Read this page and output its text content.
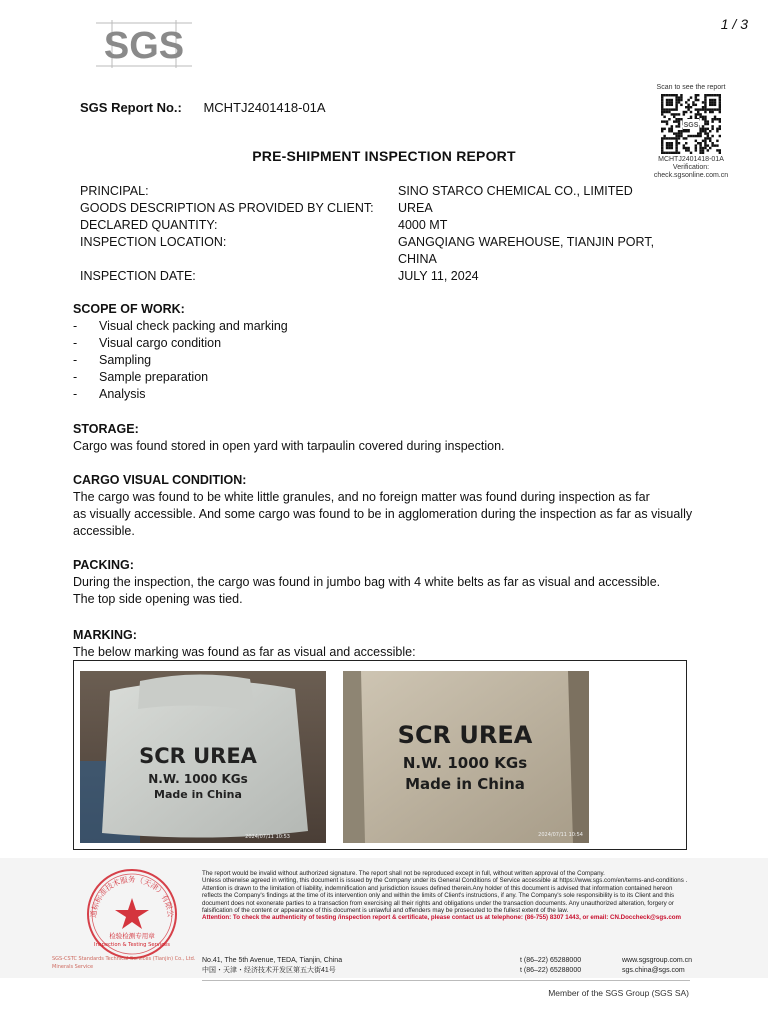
1 / 3
SGS
SGS Report No.: MCHTJ2401418-01A
Scan to see the report
SGS
MCHTJ2401418-01A
Verification:
check.sgsonline.com.cn
PRE-SHIPMENT INSPECTION REPORT
PRINCIPAL:	SINO STARCO CHEMICAL CO., LIMITED
GOODS DESCRIPTION AS PROVIDED BY CLIENT:	UREA
DECLARED QUANTITY:	4000 MT
INSPECTION LOCATION:	GANGQIANG WAREHOUSE, TIANJIN PORT, CHINA
INSPECTION DATE:	JULY 11, 2024
SCOPE OF WORK:
-	Visual check packing and marking
-	Visual cargo condition
-	Sampling
-	Sample preparation
-	Analysis
STORAGE:

Cargo was found stored in open yard with tarpaulin covered during inspection.

CARGO VISUAL CONDITION:

The cargo was found to be white little granules, and no foreign matter was found during inspection as far

as visually accessible. And some cargo was found to be in agglomeration during the inspection as far as visually

accessible.

PACKING:

During the inspection, the cargo was found in jumbo bag with 4 white belts as far as visual and accessible.

The top side opening was tied.

MARKING:

The below marking was found as far as visual and accessible:

SCR UREA
N.W. 1000 KGs
Made in China
2024/07/11 10:53
SCR UREA
N.W. 1000 KGs
Made in China
2024/07/11 10:54
通标标准技术服务（天津）有限公
检验检测专用章
Inspection & Testing Services
SGS-CSTC Standards Technical Services (Tianjin) Co., Ltd.
Minerals Service
The report would be invalid without authorized signature. The report shall not be reproduced except in full, without written approval of the Company.
Unless otherwise agreed in writing, this document is issued by the Company under its General Conditions of Service accessible at https://www.sgs.com/en/terms-and-conditions . Attention is drawn to the limitation of liability, indemnification and jurisdiction issues defined therein.Any holder of this document is advised that information contained hereon reflects the Company's findings at the time of its intervention only and within the limits of Client's instructions, if any. The Company's sole responsibility is to its Client and this document does not exonerate parties to a transaction from exercising all their rights and obligations under the transaction documents. Any unauthorized alteration, forgery or falsification of the content or appearance of this document is unlawful and offenders may be prosecuted to the fullest extent of the law.
Attention: To check the authenticity of testing /inspection report & certificate, please contact us at telephone: (86-755) 8307 1443, or email: CN.Doccheck@sgs.com
No.41, The 5th Avenue, TEDA, Tianjin, China	t (86–22) 65288000	www.sgsgroup.com.cn
中国・天津・经济技术开发区第五大街41号	t (86–22) 65288000	sgs.china@sgs.com
Member of the SGS Group (SGS SA)
